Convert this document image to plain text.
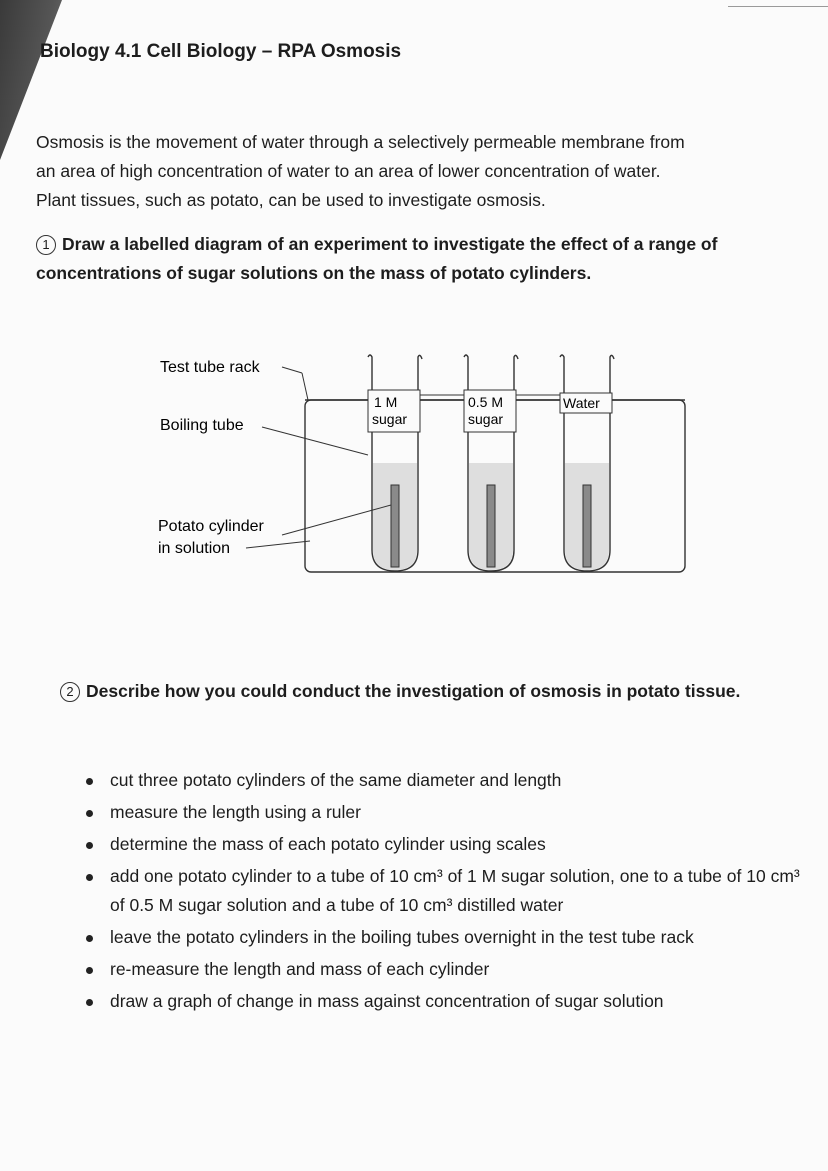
Biology 4.1 Cell Biology – RPA Osmosis
Osmosis is the movement of water through a selectively permeable membrane from
an area of high concentration of water to an area of lower concentration of water.
Plant tissues, such as potato, can be used to investigate osmosis.
1 Draw a labelled diagram of an experiment to investigate the effect of a range of
concentrations of sugar solutions on the mass of potato cylinders.
1 M
sugar
0.5 M
sugar
Water
Test tube rack
Boiling tube
Potato cylinder
in solution
2 Describe how you could conduct the investigation of osmosis in potato tissue.
cut three potato cylinders of the same diameter and length
measure the length using a ruler
determine the mass of each potato cylinder using scales
add one potato cylinder to a tube of 10 cm³ of 1 M sugar solution, one to a tube of 10 cm³ of 0.5 M sugar solution and a tube of 10 cm³ distilled water
leave the potato cylinders in the boiling tubes overnight in the test tube rack
re-measure the length and mass of each cylinder
draw a graph of change in mass against concentration of sugar solution
